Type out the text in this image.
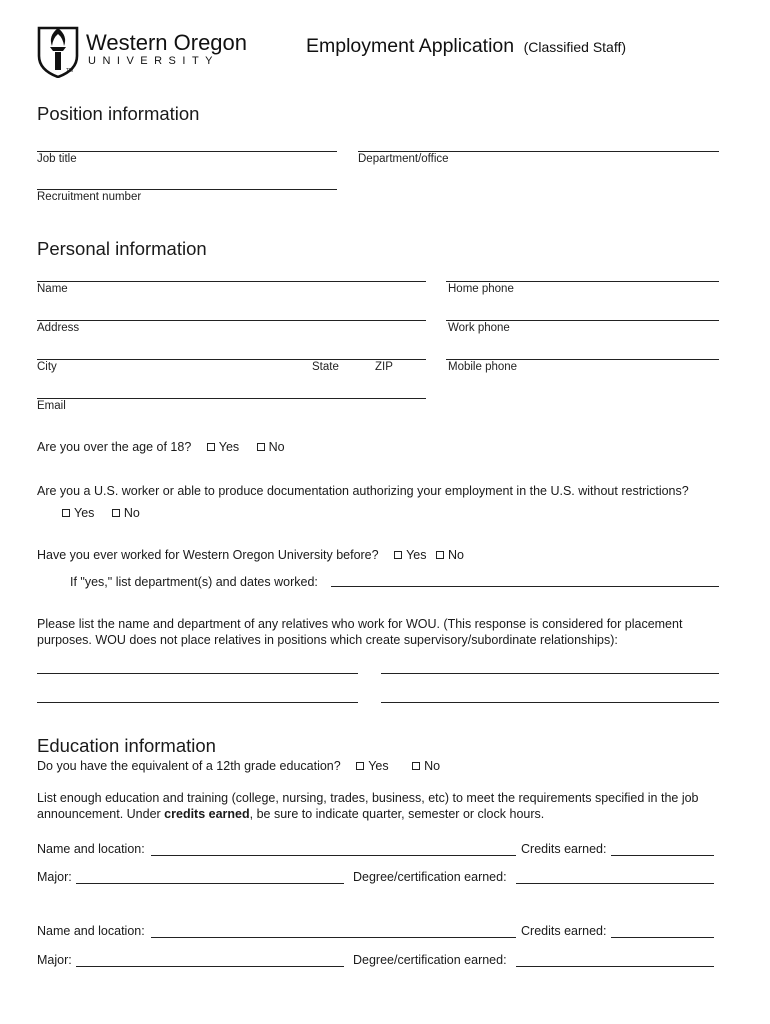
Western Oregon
UNIVERSITY
TM
Employment Application (Classified Staff)
Position information
Job title	Department/office
Recruitment number
Personal information
Name	Home phone
Address	Work phone
City	State	ZIP	Mobile phone
Email
Are you over the age of 18? Yes
No
Are you a U.S. worker or able to produce documentation authorizing your employment in the U.S. without restrictions?
Yes
No
Have you ever worked for Western Oregon University before? Yes
No
If "yes," list department(s) and dates worked:
Please list the name and department of any relatives who work for WOU. (This response is considered for placement purposes. WOU does not place relatives in positions which create supervisory/subordinate relationships):
Education information
Do you have the equivalent of a 12th grade education? Yes
	No
List enough education and training (college, nursing, trades, business, etc) to meet the requirements specified in the job announcement. Under credits earned, be sure to indicate quarter, semester or clock hours.
Name and location:	Credits earned:
Major:	Degree/certification earned:
Name and location:	Credits earned:
Major:	Degree/certification earned:
